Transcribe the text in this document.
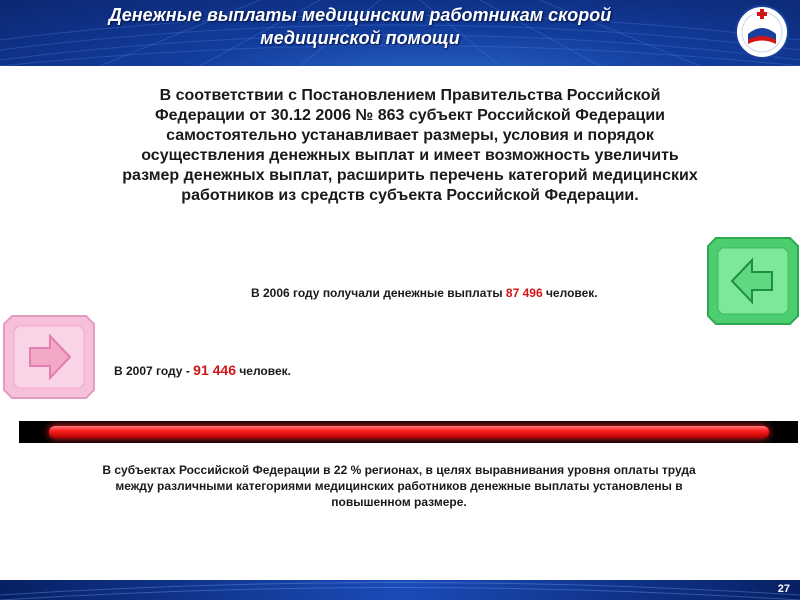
Денежные выплаты медицинским работникам скорой
медицинской помощи
В соответствии с Постановлением Правительства Российской Федерации от 30.12 2006 № 863 субъект Российской Федерации самостоятельно устанавливает размеры, условия и порядок осуществления денежных выплат и имеет возможность увеличить размер денежных выплат, расширить перечень категорий медицинских работников из средств субъекта Российской Федерации.
В 2006 году получали денежные выплаты 87 496 человек.
В 2007 году - 91 446 человек.
В субъектах Российской Федерации в 22 % регионах, в целях выравнивания уровня оплаты труда между различными категориями медицинских работников денежные выплаты установлены в повышенном размере.
27
